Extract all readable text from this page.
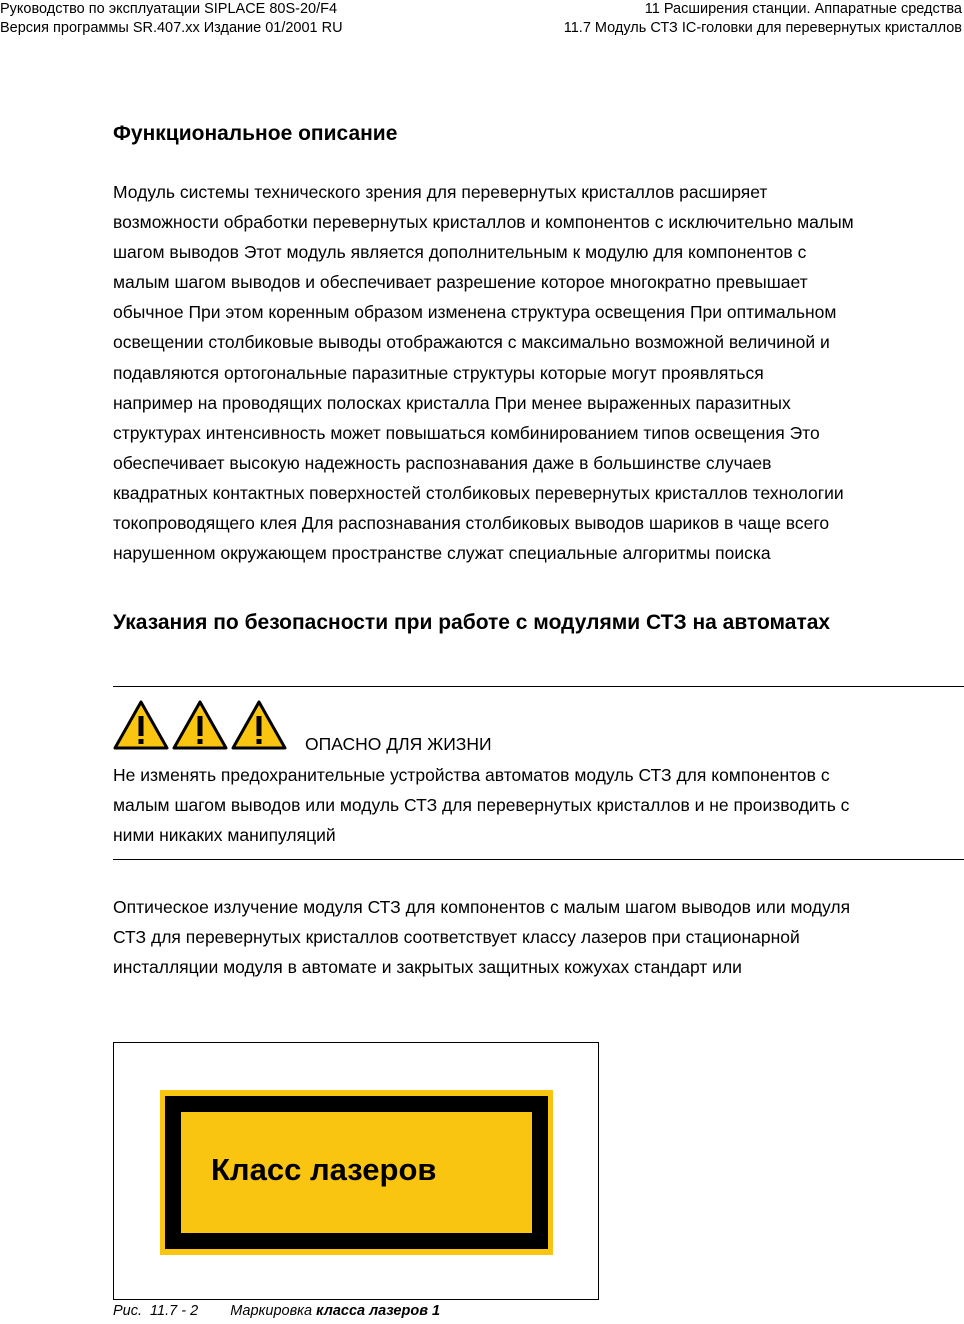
Руководство по эксплуатации SIPLACE 80S-20/F4
Версия программы SR.407.xx Издание 01/2001 RU
11 Расширения станции. Аппаратные средства
11.7 Модуль СТЗ IC-головки для перевернутых кристаллов
Функциональное описание
Модуль системы технического зрения для перевернутых кристаллов расширяет
возможности обработки перевернутых кристаллов и компонентов с исключительно малым
шагом выводов Этот модуль является дополнительным к модулю для компонентов с
малым шагом выводов и обеспечивает разрешение которое многократно превышает
обычное При этом коренным образом изменена структура освещения При оптимальном
освещении столбиковые выводы отображаются с максимально возможной величиной и
подавляются ортогональные паразитные структуры которые могут проявляться
например на проводящих полосках кристалла При менее выраженных паразитных
структурах интенсивность может повышаться комбинированием типов освещения Это
обеспечивает высокую надежность распознавания даже в большинстве случаев
квадратных контактных поверхностей столбиковых перевернутых кристаллов технологии
токопроводящего клея Для распознавания столбиковых выводов шариков в чаще всего
нарушенном окружающем пространстве служат специальные алгоритмы поиска
Указания по безопасности при работе с модулями СТЗ на автоматах
ОПАСНО ДЛЯ ЖИЗНИ
Не изменять предохранительные устройства автоматов модуль СТЗ для компонентов с
малым шагом выводов или модуль СТЗ для перевернутых кристаллов и не производить с
ними никаких манипуляций
Оптическое излучение модуля СТЗ для компонентов с малым шагом выводов или модуля
СТЗ для перевернутых кристаллов соответствует классу лазеров при стационарной
инсталляции модуля в автомате и закрытых защитных кожухах стандарт или
Класс лазеров
Рис. 11.7 - 2 Маркировка класса лазеров 1
